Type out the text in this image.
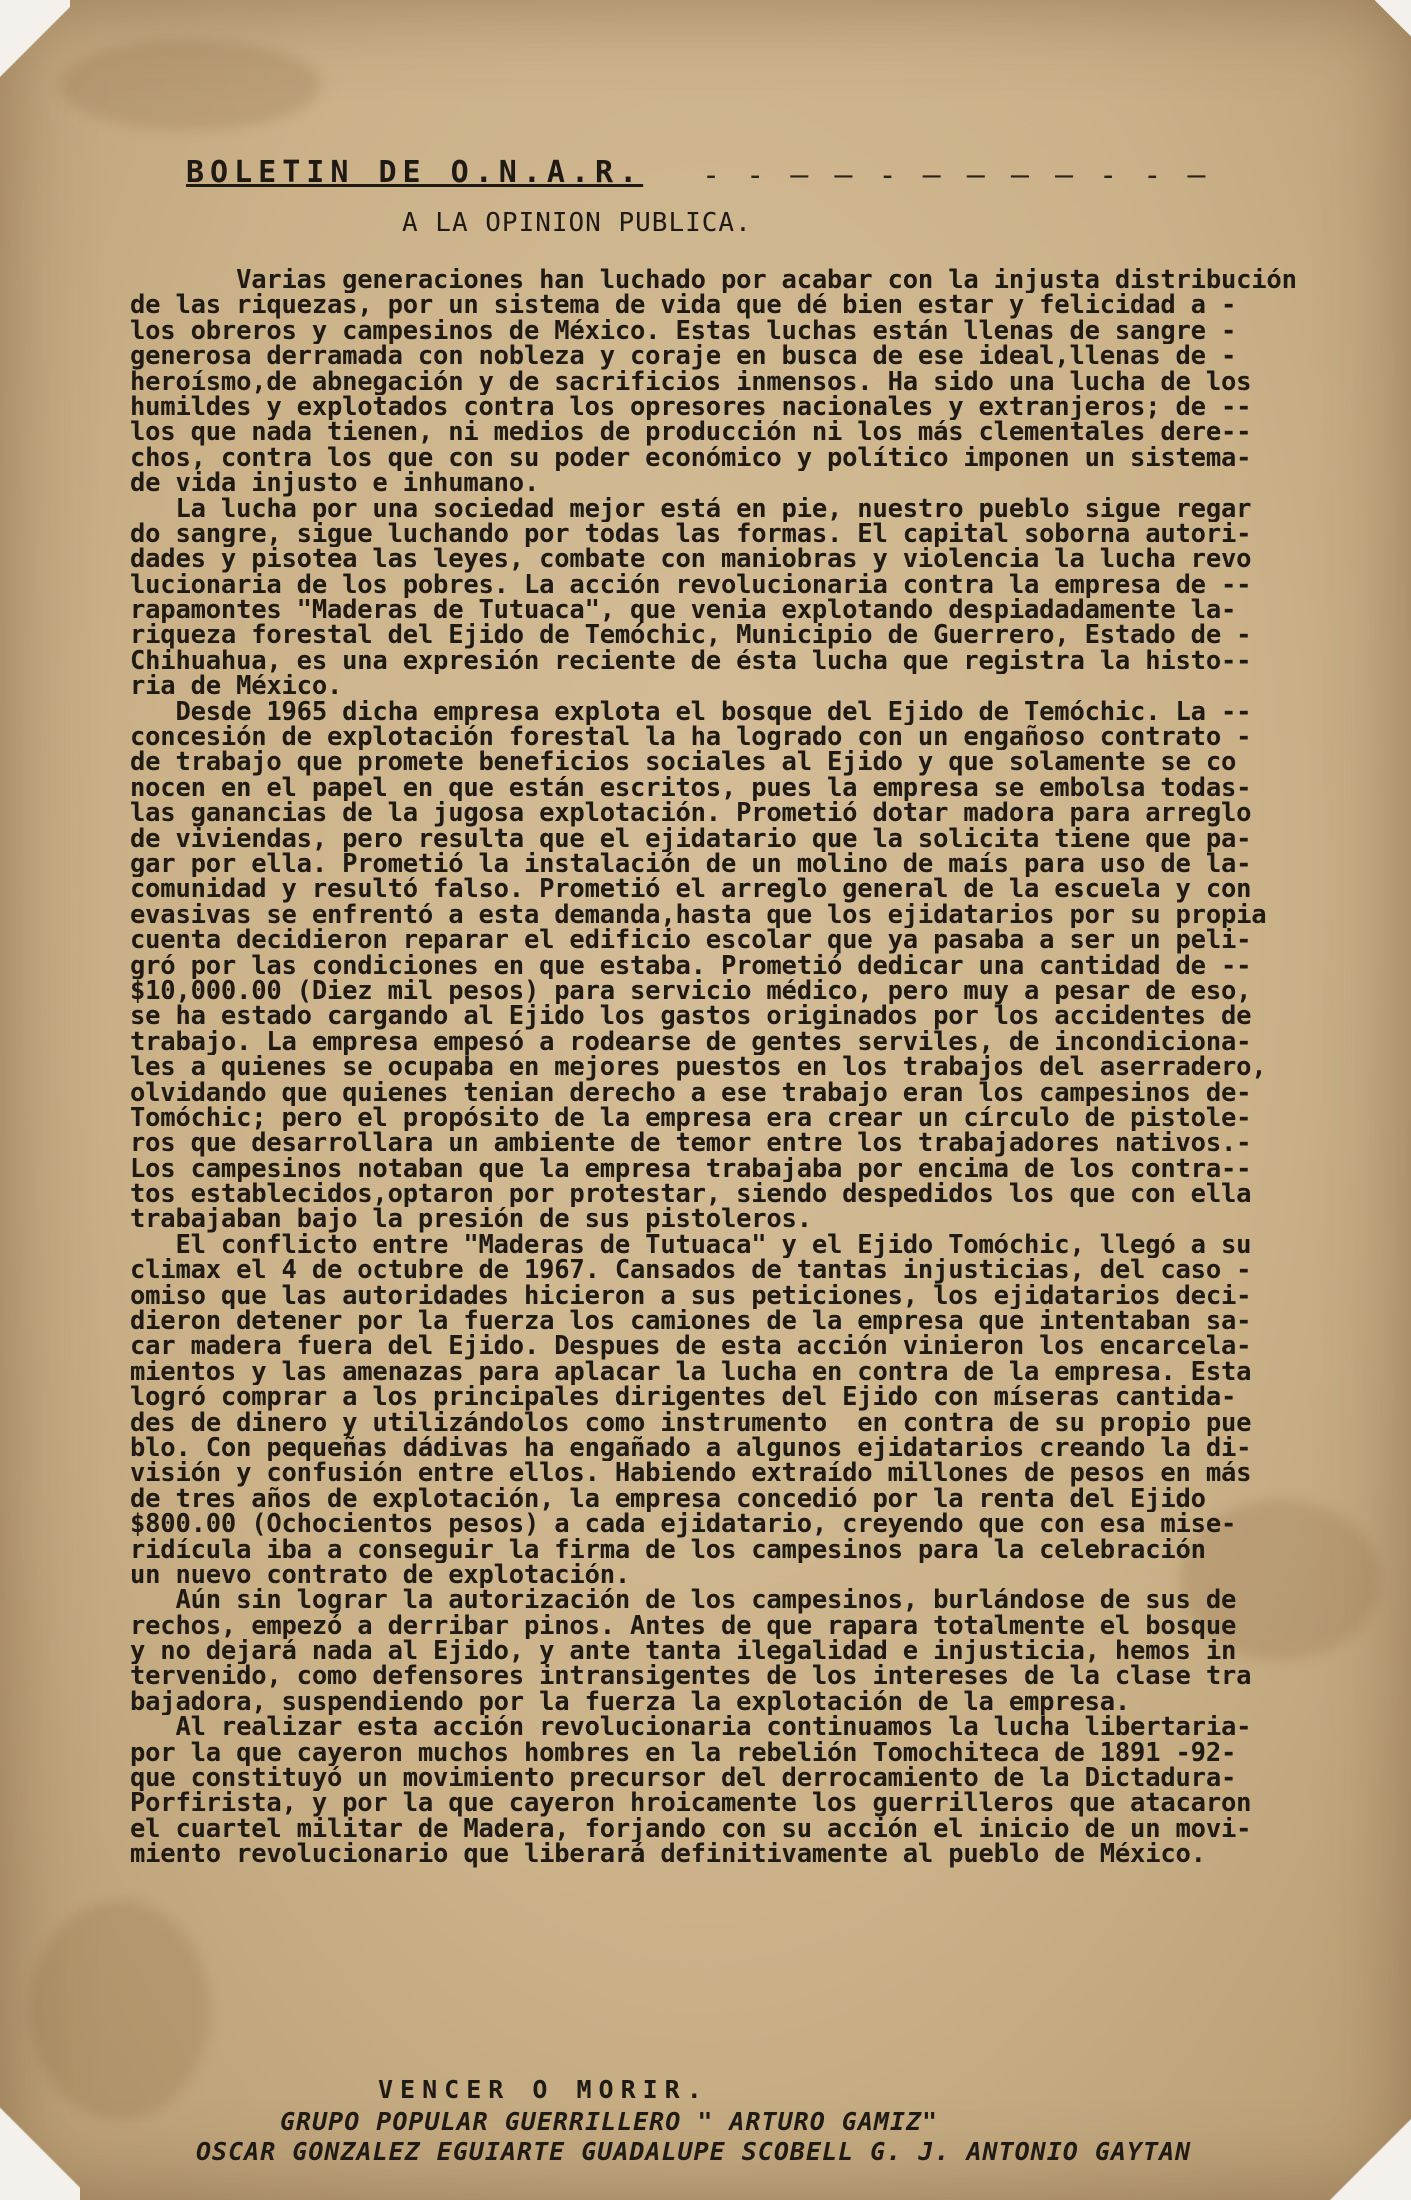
BOLETIN DE O.N.A.R. - - — — - — — — — - - —
A LA OPINION PUBLICA.
Varias generaciones han luchado por acabar con la injusta distribución
de las riquezas, por un sistema de vida que dé bien estar y felicidad a -
los obreros y campesinos de México. Estas luchas están llenas de sangre -
generosa derramada con nobleza y coraje en busca de ese ideal,llenas de -
heroísmo,de abnegación y de sacrificios inmensos. Ha sido una lucha de los
humildes y explotados contra los opresores nacionales y extranjeros; de --
los que nada tienen, ni medios de producción ni los más clementales dere--
chos, contra los que con su poder económico y político imponen un sistema-
de vida injusto e inhumano.
La lucha por una sociedad mejor está en pie, nuestro pueblo sigue regar
do sangre, sigue luchando por todas las formas. El capital soborna autori-
dades y pisotea las leyes, combate con maniobras y violencia la lucha revo
lucionaria de los pobres. La acción revolucionaria contra la empresa de --
rapamontes "Maderas de Tutuaca", que venia explotando despiadadamente la-
riqueza forestal del Ejido de Temóchic, Municipio de Guerrero, Estado de -
Chihuahua, es una expresión reciente de ésta lucha que registra la histo--
ria de México.
Desde 1965 dicha empresa explota el bosque del Ejido de Temóchic. La --
concesión de explotación forestal la ha logrado con un engañoso contrato -
de trabajo que promete beneficios sociales al Ejido y que solamente se co
nocen en el papel en que están escritos, pues la empresa se embolsa todas-
las ganancias de la jugosa explotación. Prometió dotar madora para arreglo
de viviendas, pero resulta que el ejidatario que la solicita tiene que pa-
gar por ella. Prometió la instalación de un molino de maís para uso de la-
comunidad y resultó falso. Prometió el arreglo general de la escuela y con
evasivas se enfrentó a esta demanda,hasta que los ejidatarios por su propia
cuenta decidieron reparar el edificio escolar que ya pasaba a ser un peli-
gró por las condiciones en que estaba. Prometió dedicar una cantidad de --
$10,000.00 (Diez mil pesos) para servicio médico, pero muy a pesar de eso,
se ha estado cargando al Ejido los gastos originados por los accidentes de
trabajo. La empresa empesó a rodearse de gentes serviles, de incondiciona-
les a quienes se ocupaba en mejores puestos en los trabajos del aserradero,
olvidando que quienes tenian derecho a ese trabajo eran los campesinos de-
Tomóchic; pero el propósito de la empresa era crear un círculo de pistole-
ros que desarrollara un ambiente de temor entre los trabajadores nativos.-
Los campesinos notaban que la empresa trabajaba por encima de los contra--
tos establecidos,optaron por protestar, siendo despedidos los que con ella
trabajaban bajo la presión de sus pistoleros.
El conflicto entre "Maderas de Tutuaca" y el Ejido Tomóchic, llegó a su
climax el 4 de octubre de 1967. Cansados de tantas injusticias, del caso -
omiso que las autoridades hicieron a sus peticiones, los ejidatarios deci-
dieron detener por la fuerza los camiones de la empresa que intentaban sa-
car madera fuera del Ejido. Despues de esta acción vinieron los encarcela-
mientos y las amenazas para aplacar la lucha en contra de la empresa. Esta
logró comprar a los principales dirigentes del Ejido con míseras cantida-
des de dinero y utilizándolos como instrumento  en contra de su propio pue
blo. Con pequeñas dádivas ha engañado a algunos ejidatarios creando la di-
visión y confusión entre ellos. Habiendo extraído millones de pesos en más
de tres años de explotación, la empresa concedió por la renta del Ejido
$800.00 (Ochocientos pesos) a cada ejidatario, creyendo que con esa mise-
ridícula iba a conseguir la firma de los campesinos para la celebración
un nuevo contrato de explotación.
Aún sin lograr la autorización de los campesinos, burlándose de sus de
rechos, empezó a derribar pinos. Antes de que rapara totalmente el bosque
y no dejará nada al Ejido, y ante tanta ilegalidad e injusticia, hemos in
tervenido, como defensores intransigentes de los intereses de la clase tra
bajadora, suspendiendo por la fuerza la explotación de la empresa.
Al realizar esta acción revolucionaria continuamos la lucha libertaria-
por la que cayeron muchos hombres en la rebelión Tomochiteca de 1891 -92-
que constituyó un movimiento precursor del derrocamiento de la Dictadura-
Porfirista, y por la que cayeron hroicamente los guerrilleros que atacaron
el cuartel militar de Madera, forjando con su acción el inicio de un movi-
miento revolucionario que liberará definitivamente al pueblo de México.
VENCER O MORIR.
GRUPO POPULAR GUERRILLERO " ARTURO GAMIZ"
OSCAR GONZALEZ EGUIARTE GUADALUPE SCOBELL G. J. ANTONIO GAYTAN
